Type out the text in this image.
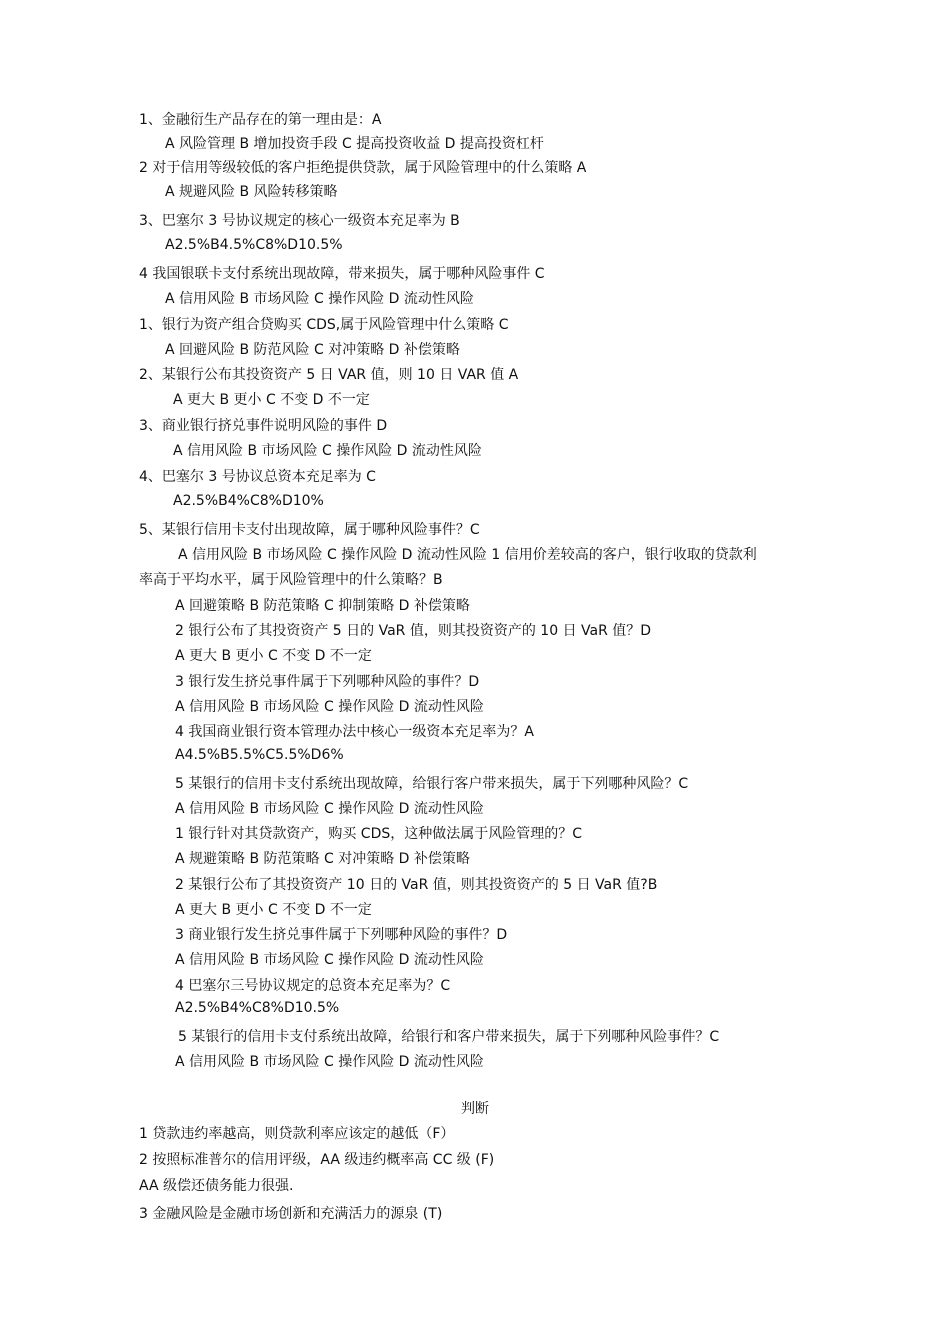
1、金融衍生产品存在的第一理由是：A
A 风险管理 B 增加投资手段 C 提高投资收益 D 提高投资杠杆
2 对于信用等级较低的客户拒绝提供贷款，属于风险管理中的什么策略 A
A 规避风险 B 风险转移策略
3、巴塞尔 3 号协议规定的核心一级资本充足率为 B
A2.5%B4.5%C8%D10.5%
4 我国银联卡支付系统出现故障，带来损失，属于哪种风险事件 C
A 信用风险 B 市场风险 C 操作风险 D 流动性风险
1、银行为资产组合贷购买 CDS,属于风险管理中什么策略 C
A 回避风险 B 防范风险 C 对冲策略 D 补偿策略
2、某银行公布其投资资产 5 日 VAR 值，则 10 日 VAR 值 A
A 更大 B 更小 C 不变 D 不一定
3、商业银行挤兑事件说明风险的事件 D
A 信用风险 B 市场风险 C 操作风险 D 流动性风险
4、巴塞尔 3 号协议总资本充足率为 C
A2.5%B4%C8%D10%
5、某银行信用卡支付出现故障，属于哪种风险事件？C
A 信用风险 B 市场风险 C 操作风险 D 流动性风险 1 信用价差较高的客户，银行收取的贷款利
率高于平均水平，属于风险管理中的什么策略？B
A 回避策略 B 防范策略 C 抑制策略 D 补偿策略
2 银行公布了其投资资产 5 日的 VaR 值，则其投资资产的 10 日 VaR 值？D
A 更大 B 更小 C 不变 D 不一定
3 银行发生挤兑事件属于下列哪种风险的事件？D
A 信用风险 B 市场风险 C 操作风险 D 流动性风险
4 我国商业银行资本管理办法中核心一级资本充足率为？A
A4.5%B5.5%C5.5%D6%
5 某银行的信用卡支付系统出现故障，给银行客户带来损失，属于下列哪种风险？C
A 信用风险 B 市场风险 C 操作风险 D 流动性风险
1 银行针对其贷款资产，购买 CDS，这种做法属于风险管理的？C
A 规避策略 B 防范策略 C 对冲策略 D 补偿策略
2 某银行公布了其投资资产 10 日的 VaR 值，则其投资资产的 5 日 VaR 值?B
A 更大 B 更小 C 不变 D 不一定
3 商业银行发生挤兑事件属于下列哪种风险的事件？D
A 信用风险 B 市场风险 C 操作风险 D 流动性风险
4 巴塞尔三号协议规定的总资本充足率为？C
A2.5%B4%C8%D10.5%
5 某银行的信用卡支付系统出故障，给银行和客户带来损失，属于下列哪种风险事件？C
A 信用风险 B 市场风险 C 操作风险 D 流动性风险
判断
1 贷款违约率越高，则贷款利率应该定的越低（F）
2 按照标准普尔的信用评级，AA 级违约概率高 CC 级 (F)
AA 级偿还债务能力很强.
3 金融风险是金融市场创新和充满活力的源泉 (T)
